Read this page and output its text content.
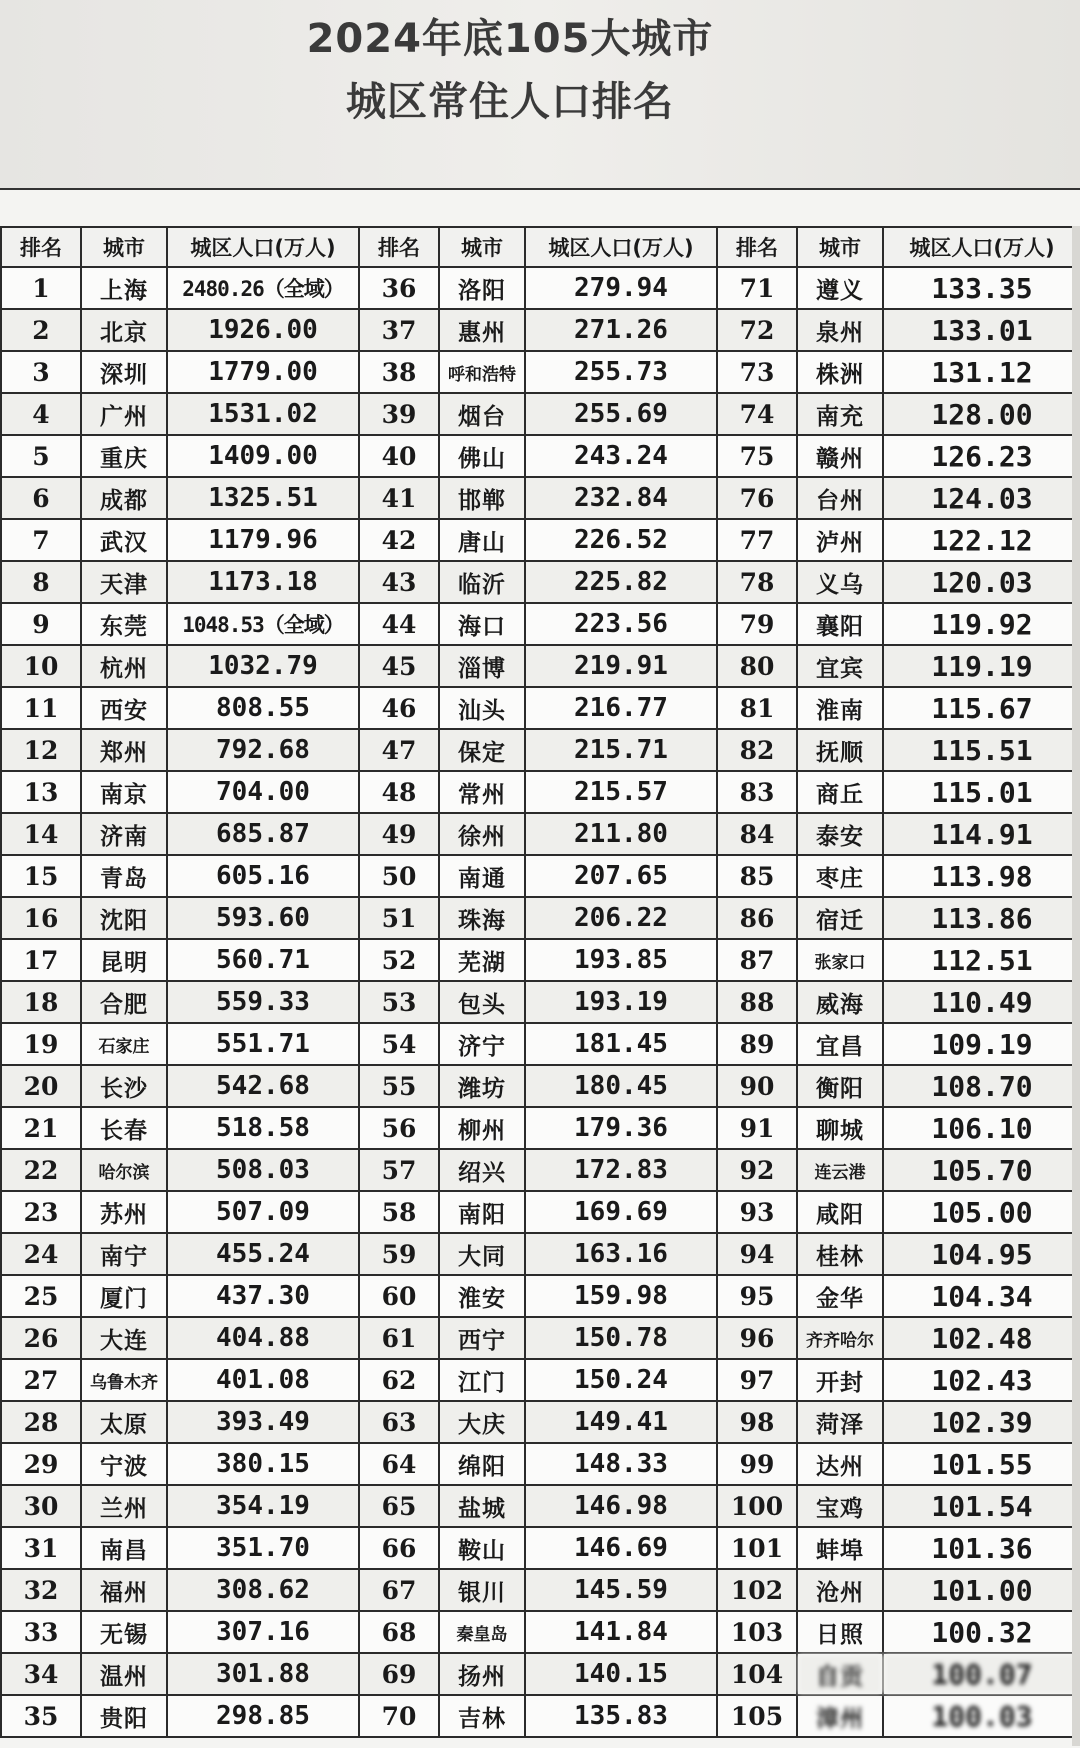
2024年底105大城市城区常住人口排名
排名	城市	城区人口(万人)	排名	城市	城区人口(万人)	排名	城市	城区人口(万人)
1	上海	2480.26（全域）	36	洛阳	279.94	71	遵义	133.35
2	北京	1926.00	37	惠州	271.26	72	泉州	133.01
3	深圳	1779.00	38	呼和浩特	255.73	73	株洲	131.12
4	广州	1531.02	39	烟台	255.69	74	南充	128.00
5	重庆	1409.00	40	佛山	243.24	75	赣州	126.23
6	成都	1325.51	41	邯郸	232.84	76	台州	124.03
7	武汉	1179.96	42	唐山	226.52	77	泸州	122.12
8	天津	1173.18	43	临沂	225.82	78	义乌	120.03
9	东莞	1048.53（全域）	44	海口	223.56	79	襄阳	119.92
10	杭州	1032.79	45	淄博	219.91	80	宜宾	119.19
11	西安	808.55	46	汕头	216.77	81	淮南	115.67
12	郑州	792.68	47	保定	215.71	82	抚顺	115.51
13	南京	704.00	48	常州	215.57	83	商丘	115.01
14	济南	685.87	49	徐州	211.80	84	泰安	114.91
15	青岛	605.16	50	南通	207.65	85	枣庄	113.98
16	沈阳	593.60	51	珠海	206.22	86	宿迁	113.86
17	昆明	560.71	52	芜湖	193.85	87	张家口	112.51
18	合肥	559.33	53	包头	193.19	88	威海	110.49
19	石家庄	551.71	54	济宁	181.45	89	宜昌	109.19
20	长沙	542.68	55	潍坊	180.45	90	衡阳	108.70
21	长春	518.58	56	柳州	179.36	91	聊城	106.10
22	哈尔滨	508.03	57	绍兴	172.83	92	连云港	105.70
23	苏州	507.09	58	南阳	169.69	93	咸阳	105.00
24	南宁	455.24	59	大同	163.16	94	桂林	104.95
25	厦门	437.30	60	淮安	159.98	95	金华	104.34
26	大连	404.88	61	西宁	150.78	96	齐齐哈尔	102.48
27	乌鲁木齐	401.08	62	江门	150.24	97	开封	102.43
28	太原	393.49	63	大庆	149.41	98	菏泽	102.39
29	宁波	380.15	64	绵阳	148.33	99	达州	101.55
30	兰州	354.19	65	盐城	146.98	100	宝鸡	101.54
31	南昌	351.70	66	鞍山	146.69	101	蚌埠	101.36
32	福州	308.62	67	银川	145.59	102	沧州	101.00
33	无锡	307.16	68	秦皇岛	141.84	103	日照	100.32
34	温州	301.88	69	扬州	140.15	104	自贡	100.07
35	贵阳	298.85	70	吉林	135.83	105	漳州	100.03
